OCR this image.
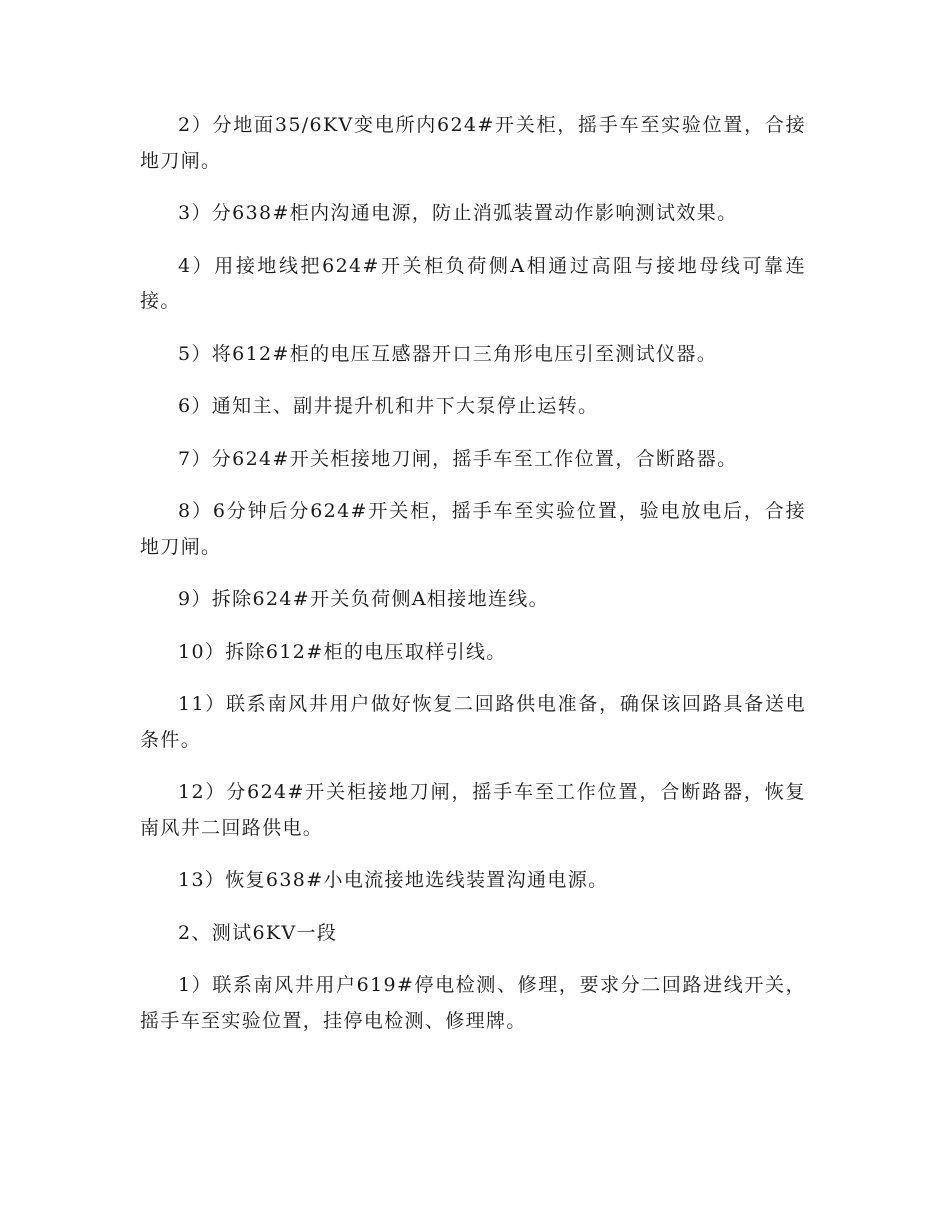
2）分地面35/6KV变电所内624#开关柜，摇手车至实验位置，合接地刀闸。

3）分638#柜内沟通电源，防止消弧装置动作影响测试效果。

4）用接地线把624#开关柜负荷侧A相通过高阻与接地母线可靠连接。

5）将612#柜的电压互感器开口三角形电压引至测试仪器。

6）通知主、副井提升机和井下大泵停止运转。

7）分624#开关柜接地刀闸，摇手车至工作位置，合断路器。

8）6分钟后分624#开关柜，摇手车至实验位置，验电放电后，合接地刀闸。

9）拆除624#开关负荷侧A相接地连线。

10）拆除612#柜的电压取样引线。

11）联系南风井用户做好恢复二回路供电准备，确保该回路具备送电条件。

12）分624#开关柜接地刀闸，摇手车至工作位置，合断路器，恢复南风井二回路供电。

13）恢复638#小电流接地选线装置沟通电源。

2、测试6KV一段

1）联系南风井用户619#停电检测、修理，要求分二回路进线开关，摇手车至实验位置，挂停电检测、修理牌。
